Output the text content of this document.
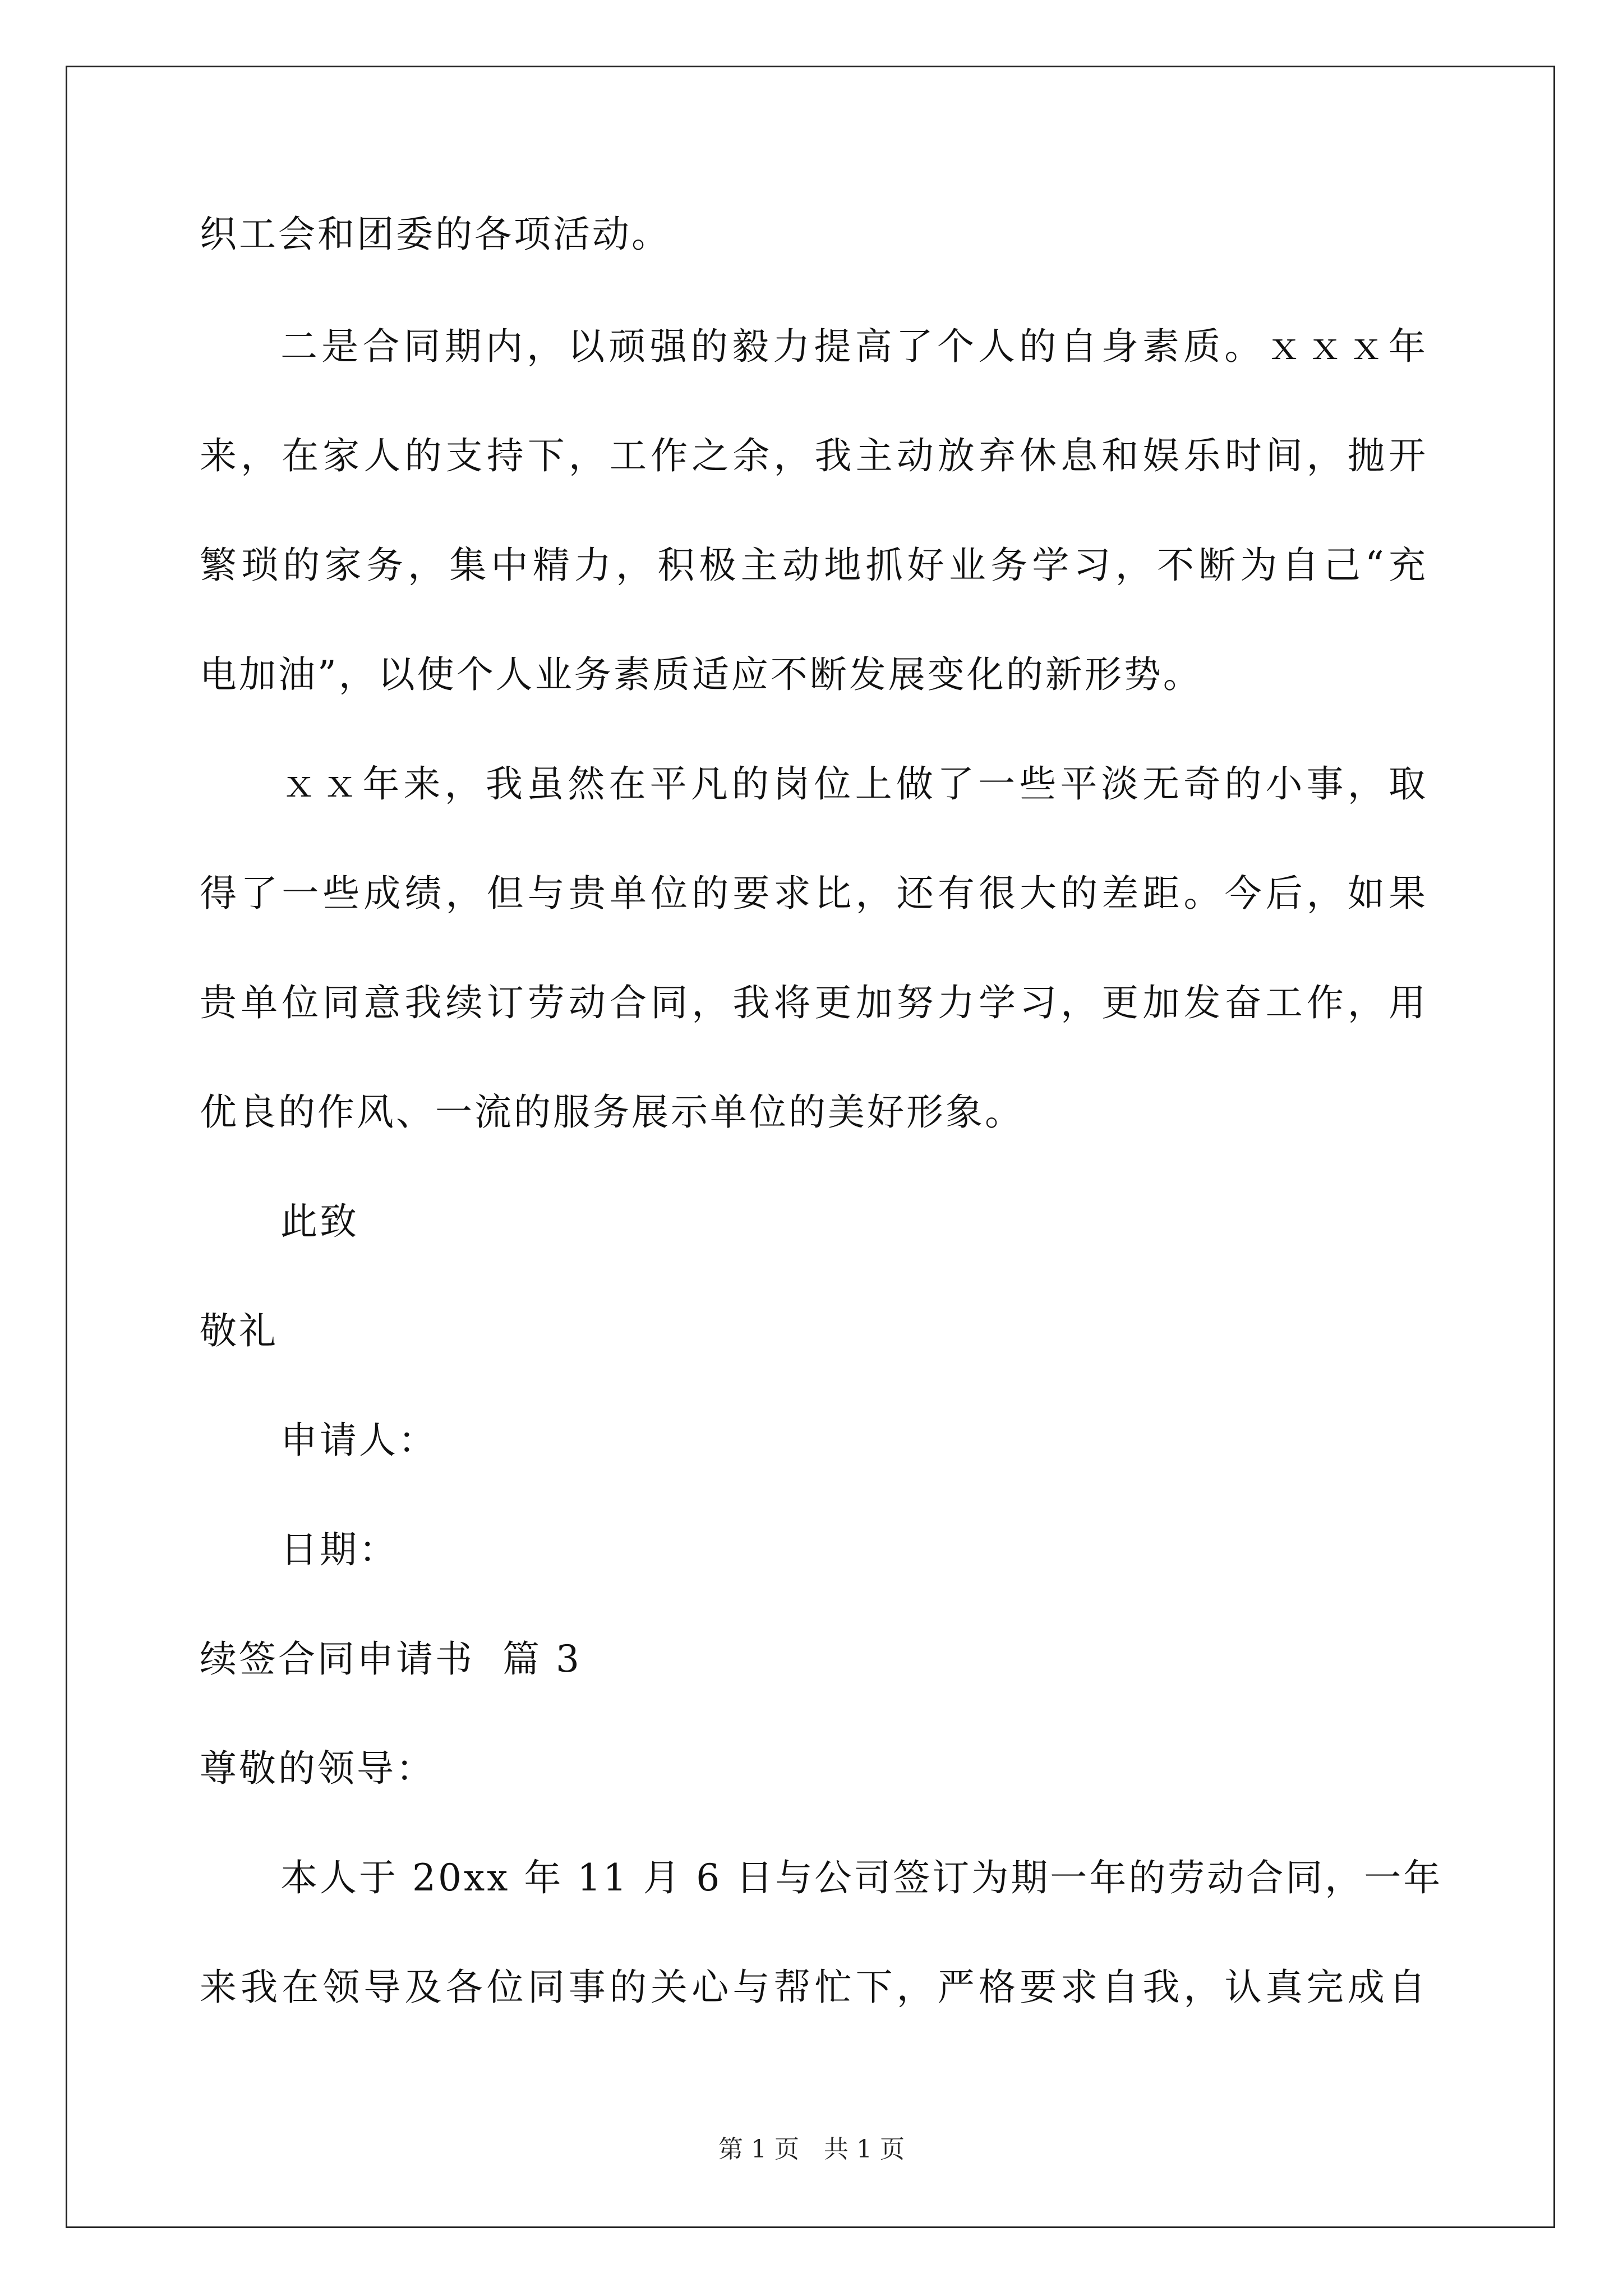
织工会和团委的各项活动。
二是合同期内，以顽强的毅力提高了个人的自身素质。ｘｘｘ年
来，在家人的支持下，工作之余，我主动放弃休息和娱乐时间，抛开
繁琐的家务，集中精力，积极主动地抓好业务学习，不断为自己“充
电加油”，以使个人业务素质适应不断发展变化的新形势。
ｘｘ年来，我虽然在平凡的岗位上做了一些平淡无奇的小事，取
得了一些成绩，但与贵单位的要求比，还有很大的差距。今后，如果
贵单位同意我续订劳动合同，我将更加努力学习，更加发奋工作，用
优良的作风、一流的服务展示单位的美好形象。
此致
敬礼
申请人：
日期：
续签合同申请书  篇 3
尊敬的领导：
本人于 20xx 年 11 月 6 日与公司签订为期一年的劳动合同，一年
来我在领导及各位同事的关心与帮忙下，严格要求自我，认真完成自
第 1 页 共 1 页
